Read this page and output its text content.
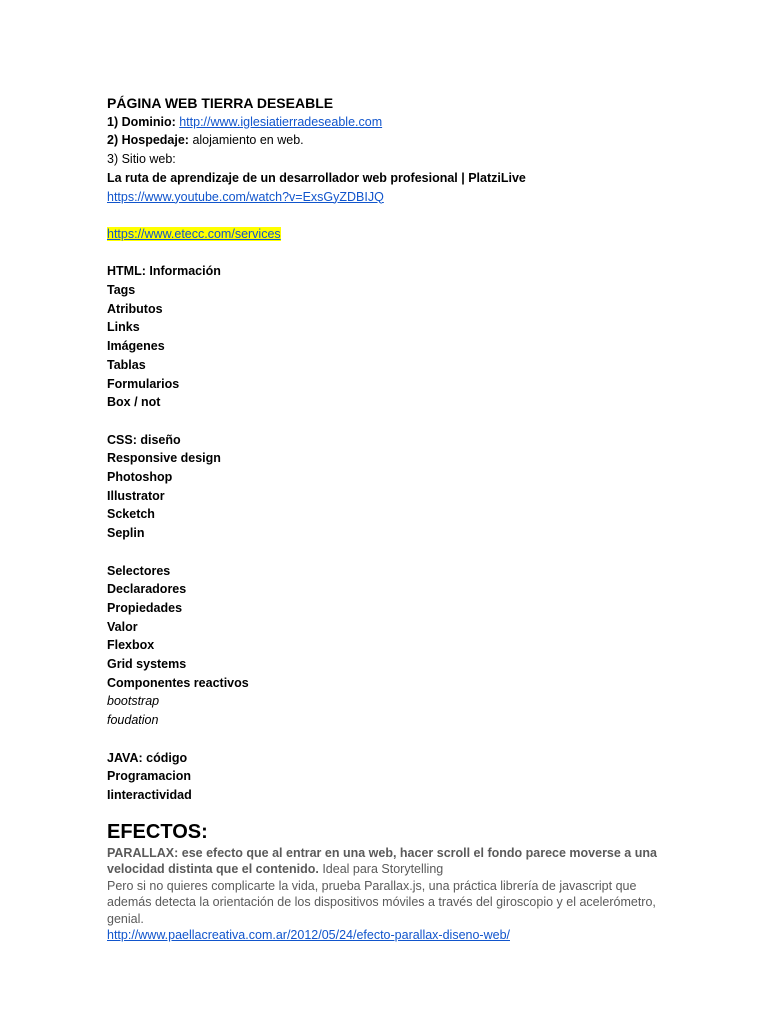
PÁGINA WEB TIERRA DESEABLE
1) Dominio: http://www.iglesiatierradeseable.com
2) Hospedaje: alojamiento en web.
3) Sitio web:
La ruta de aprendizaje de un desarrollador web profesional | PlatziLive
https://www.youtube.com/watch?v=ExsGyZDBIJQ
https://www.etecc.com/services
HTML: Información
Tags
Atributos
Links
Imágenes
Tablas
Formularios
Box / not
CSS: diseño
Responsive design
Photoshop
Illustrator
Scketch
Seplin
Selectores
Declaradores
Propiedades
Valor
Flexbox
Grid systems
Componentes reactivos
bootstrap
foudation
JAVA: código
Programacion
Iinteractividad
EFECTOS:
PARALLAX: ese efecto que al entrar en una web, hacer scroll el fondo parece moverse a una velocidad distinta que el contenido. Ideal para Storytelling
Pero si no quieres complicarte la vida, prueba Parallax.js, una práctica librería de javascript que además detecta la orientación de los dispositivos móviles a través del giroscopio y el acelerómetro, genial.
http://www.paellacreativa.com.ar/2012/05/24/efecto-parallax-diseno-web/
